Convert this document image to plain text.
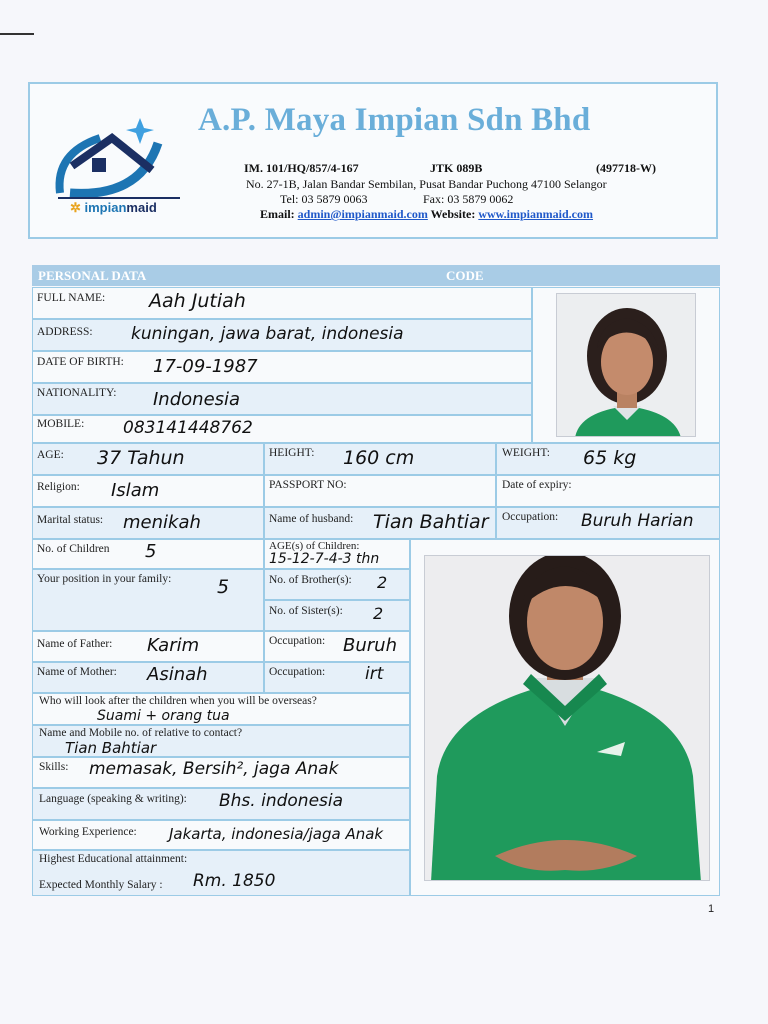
✲ impianmaid
A.P. Maya Impian Sdn Bhd
IM. 101/HQ/857/4-167	JTK 089B	(497718-W)
No. 27-1B, Jalan Bandar Sembilan, Pusat Bandar Puchong 47100 Selangor
Tel: 03 5879 0063	Fax: 03 5879 0062
Email: admin@impianmaid.com Website: www.impianmaid.com
PERSONAL DATA	CODE
FULL NAME: Aah Jutiah
ADDRESS: kuningan, jawa barat, indonesia
DATE OF BIRTH: 17-09-1987
NATIONALITY: Indonesia
MOBILE: 083141448762
AGE: 37 Tahun	HEIGHT: 160 cm	WEIGHT: 65 kg
Religion: Islam	PASSPORT NO:	Date of expiry:
Marital status: menikah	Name of husband: Tian Bahtiar Occupation: Buruh Harian
No. of Children 5	AGE(s) of Children:
15-12-7-4-3 thn
Your position in your family: 5	No. of Brother(s): 2
No. of Sister(s): 2
Name of Father: Karim	Occupation: Buruh
Name of Mother: Asinah	Occupation: irt
Who will look after the children when you will be overseas?
Suami + orang tua
Name and Mobile no. of relative to contact?
Tian Bahtiar
Skills: memasak, Bersih², jaga Anak
Language (speaking & writing): Bhs. indonesia
Working Experience: Jakarta, indonesia/jaga Anak
Highest Educational attainment:
Expected Monthly Salary : Rm. 1850
1
